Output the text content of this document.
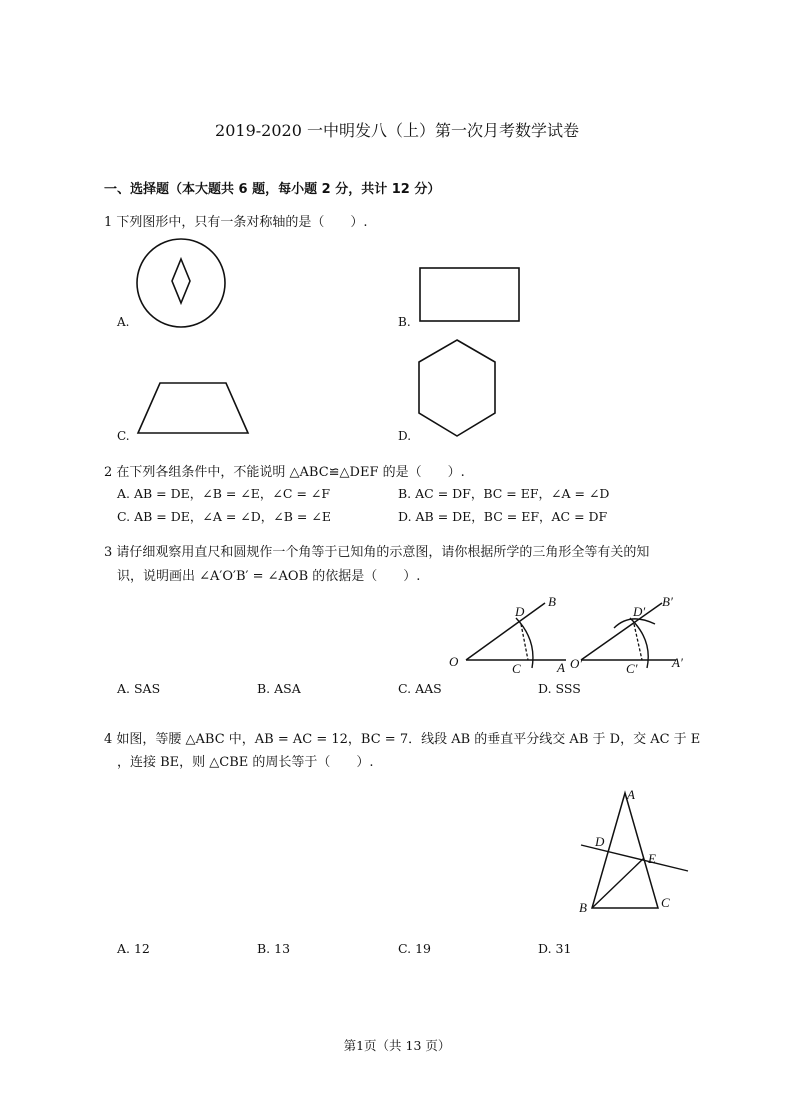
2019-2020 一中明发八（上）第一次月考数学试卷
一、选择题（本大题共 6 题，每小题 2 分，共计 12 分）
1 下列图形中，只有一条对称轴的是（　　）.
A.	B.
C.	D.
2 在下列各组条件中，不能说明 △ABC≌△DEF 的是（　　）.
A. AB = DE，∠B = ∠E，∠C = ∠F	B. AC = DF，BC = EF，∠A = ∠D
C. AB = DE，∠A = ∠D，∠B = ∠E	D. AB = DE，BC = EF，AC = DF
3 请仔细观察用直尺和圆规作一个角等于已知角的示意图，请你根据所学的三角形全等有关的知
识，说明画出 ∠A′O′B′ = ∠AOB 的依据是（　　）.
O
D
B
C	A O′
D′
B′
C′	A′
A. SAS	B. ASA	C. AAS	D. SSS
4 如图，等腰 △ABC 中，AB = AC = 12，BC = 7．线段 AB 的垂直平分线交 AB 于 D，交 AC 于 E
，连接 BE，则 △CBE 的周长等于（　　）.
A
D
E
B	C
A. 12	B. 13	C. 19	D. 31
第1页（共 13 页）
